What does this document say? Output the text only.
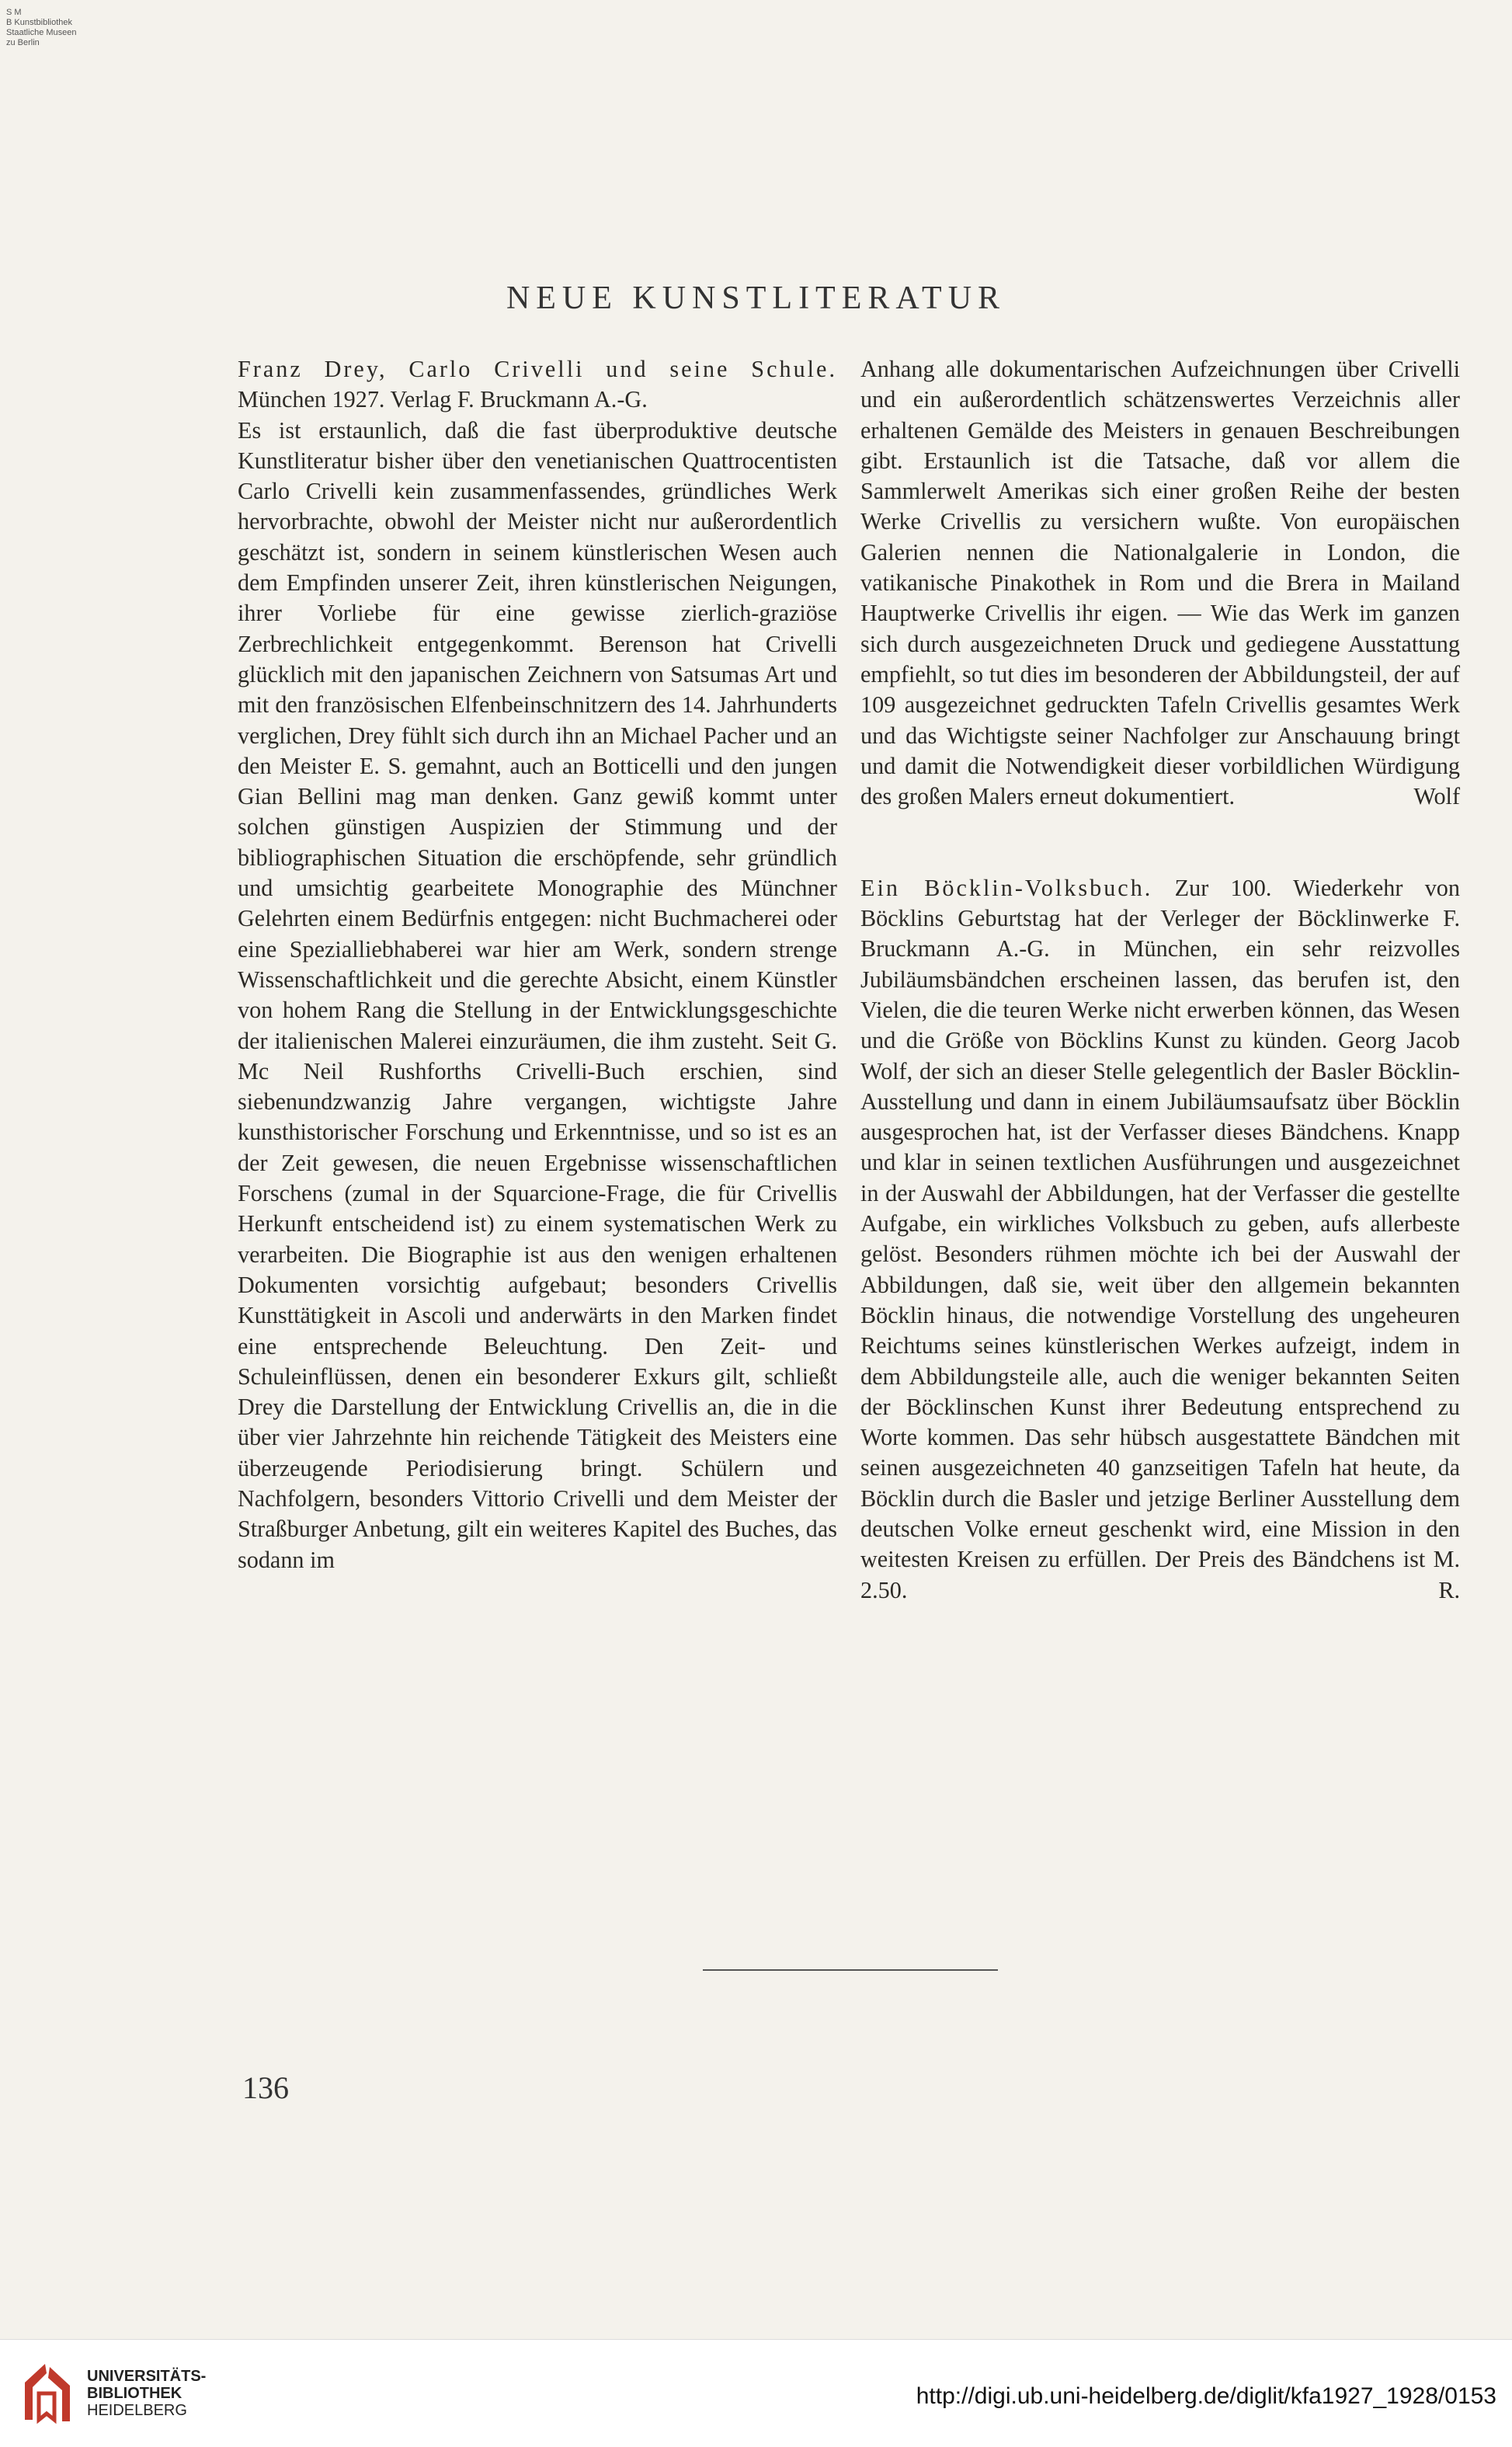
S M
B Kunstbibliothek
Staatliche Museen
zu Berlin
NEUE KUNSTLITERATUR

Franz Drey, Carlo Crivelli und seine Schule. München 1927. Verlag F. Bruckmann A.-G.

Es ist erstaunlich, daß die fast überproduktive deutsche Kunstliteratur bisher über den venetianischen Quattrocentisten Carlo Crivelli kein zusammenfassendes, gründliches Werk hervorbrachte, obwohl der Meister nicht nur außerordentlich geschätzt ist, sondern in seinem künstlerischen Wesen auch dem Empfinden unserer Zeit, ihren künstlerischen Neigungen, ihrer Vorliebe für eine gewisse zierlich-graziöse Zerbrechlichkeit entgegenkommt. Berenson hat Crivelli glücklich mit den japanischen Zeichnern von Satsumas Art und mit den französischen Elfenbeinschnitzern des 14. Jahrhunderts verglichen, Drey fühlt sich durch ihn an Michael Pacher und an den Meister E. S. gemahnt, auch an Botticelli und den jungen Gian Bellini mag man denken. Ganz gewiß kommt unter solchen günstigen Auspizien der Stimmung und der bibliographischen Situation die erschöpfende, sehr gründlich und umsichtig gearbeitete Monographie des Münchner Gelehrten einem Bedürfnis entgegen: nicht Buchmacherei oder eine Spezialliebhaberei war hier am Werk, sondern strenge Wissenschaftlichkeit und die gerechte Absicht, einem Künstler von hohem Rang die Stellung in der Entwicklungsgeschichte der italienischen Malerei einzuräumen, die ihm zusteht. Seit G. Mc Neil Rushforths Crivelli-Buch erschien, sind siebenundzwanzig Jahre vergangen, wichtigste Jahre kunsthistorischer Forschung und Erkenntnisse, und so ist es an der Zeit gewesen, die neuen Ergebnisse wissenschaftlichen Forschens (zumal in der Squarcione-Frage, die für Crivellis Herkunft entscheidend ist) zu einem systematischen Werk zu verarbeiten. Die Biographie ist aus den wenigen erhaltenen Dokumenten vorsichtig aufgebaut; besonders Crivellis Kunsttätigkeit in Ascoli und anderwärts in den Marken findet eine entsprechende Beleuchtung. Den Zeit- und Schuleinflüssen, denen ein besonderer Exkurs gilt, schließt Drey die Darstellung der Entwicklung Crivellis an, die in die über vier Jahrzehnte hin reichende Tätigkeit des Meisters eine überzeugende Periodisierung bringt. Schülern und Nachfolgern, besonders Vittorio Crivelli und dem Meister der Straßburger Anbetung, gilt ein weiteres Kapitel des Buches, das sodann im

Anhang alle dokumentarischen Aufzeichnungen über Crivelli und ein außerordentlich schätzenswertes Verzeichnis aller erhaltenen Gemälde des Meisters in genauen Beschreibungen gibt. Erstaunlich ist die Tatsache, daß vor allem die Sammlerwelt Amerikas sich einer großen Reihe der besten Werke Crivellis zu versichern wußte. Von europäischen Galerien nennen die Nationalgalerie in London, die vatikanische Pinakothek in Rom und die Brera in Mailand Hauptwerke Crivellis ihr eigen. — Wie das Werk im ganzen sich durch ausgezeichneten Druck und gediegene Ausstattung empfiehlt, so tut dies im besonderen der Abbildungsteil, der auf 109 ausgezeichnet gedruckten Tafeln Crivellis gesamtes Werk und das Wichtigste seiner Nachfolger zur Anschauung bringt und damit die Notwendigkeit dieser vorbildlichen Würdigung des großen Malers erneut dokumentiert.	Wolf

Ein Böcklin-Volksbuch. Zur 100. Wiederkehr von Böcklins Geburtstag hat der Verleger der Böcklinwerke F. Bruckmann A.-G. in München, ein sehr reizvolles Jubiläumsbändchen erscheinen lassen, das berufen ist, den Vielen, die die teuren Werke nicht erwerben können, das Wesen und die Größe von Böcklins Kunst zu künden. Georg Jacob Wolf, der sich an dieser Stelle gelegentlich der Basler Böcklin-Ausstellung und dann in einem Jubiläumsaufsatz über Böcklin ausgesprochen hat, ist der Verfasser dieses Bändchens. Knapp und klar in seinen textlichen Ausführungen und ausgezeichnet in der Auswahl der Abbildungen, hat der Verfasser die gestellte Aufgabe, ein wirkliches Volksbuch zu geben, aufs allerbeste gelöst. Besonders rühmen möchte ich bei der Auswahl der Abbildungen, daß sie, weit über den allgemein bekannten Böcklin hinaus, die notwendige Vorstellung des ungeheuren Reichtums seines künstlerischen Werkes aufzeigt, indem in dem Abbildungsteile alle, auch die weniger bekannten Seiten der Böcklinschen Kunst ihrer Bedeutung entsprechend zu Worte kommen. Das sehr hübsch ausgestattete Bändchen mit seinen ausgezeichneten 40 ganzseitigen Tafeln hat heute, da Böcklin durch die Basler und jetzige Berliner Ausstellung dem deutschen Volke erneut geschenkt wird, eine Mission in den weitesten Kreisen zu erfüllen. Der Preis des Bändchens ist M. 2.50.	R.
136
UNIVERSITÄTS-
BIBLIOTHEK
HEIDELBERG
http://digi.ub.uni-heidelberg.de/diglit/kfa1927_1928/0153
